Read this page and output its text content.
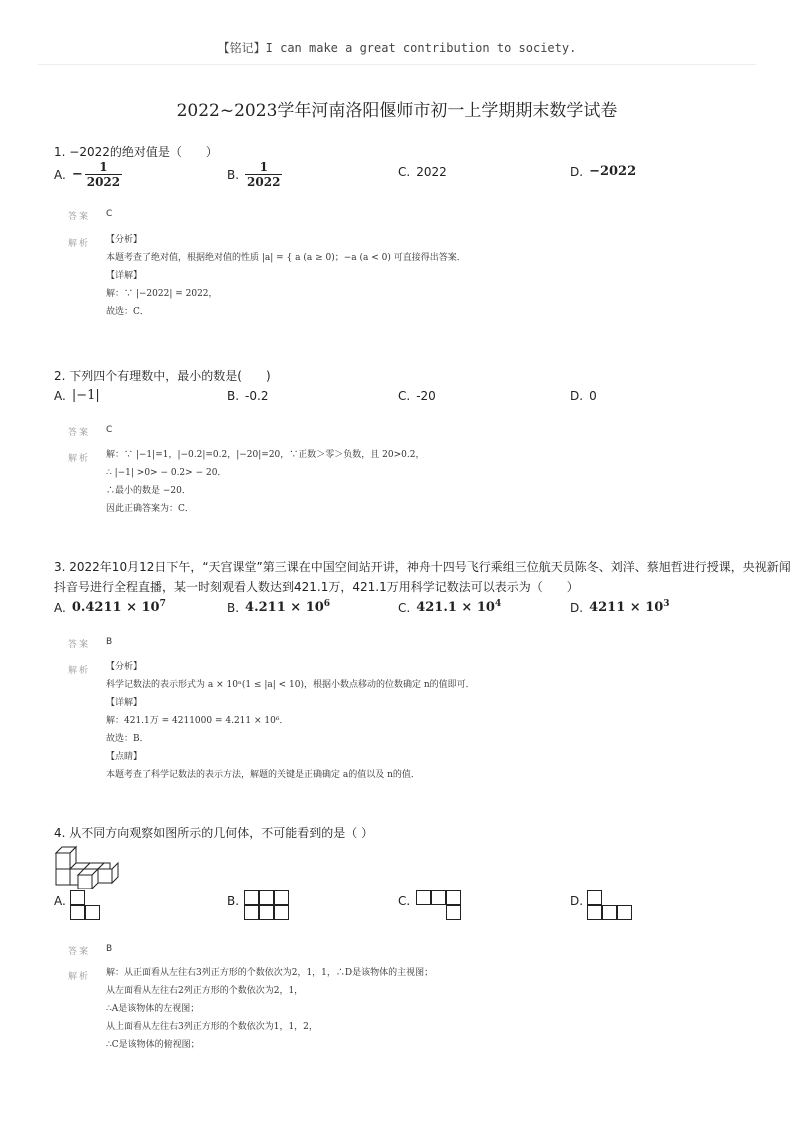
【铭记】I can make a great contribution to society.
2022~2023学年河南洛阳偃师市初一上学期期末数学试卷
1. −2022的绝对值是（　　）
A. − $\frac{1}{2022}$	B. $\frac{1}{2022}$	C. 2022	D. −2022
答案 C
解析 【分析】
本题考查了绝对值，根据绝对值的性质 |a| = { a (a ≥ 0)；−a (a < 0) 可直接得出答案．
【详解】
解：∵ |−2022| = 2022，
故选：C．
2. 下列四个有理数中，最小的数是(　　)
A. |−1|	B. -0.2	C. -20	D. 0
答案 C
解析 解：∵ |−1|=1，|−0.2|=0.2，|−20|=20，∵正数＞零＞负数，且 20>0.2，
∴ |−1| >0> − 0.2> − 20．
∴最小的数是 −20．
因此正确答案为：C．
3. 2022年10月12日下午，“天宫课堂”第三课在中国空间站开讲，神舟十四号飞行乘组三位航天员陈冬、刘洋、蔡旭哲进行授课，央视新闻
抖音号进行全程直播，某一时刻观看人数达到421.1万，421.1万用科学记数法可以表示为（　　）
A. $0.4211 \times 10^7$	B. $4.211 \times 10^6$	C. $421.1 \times 10^4$	D. $4211 \times 10^3$
答案 B
解析 【分析】
科学记数法的表示形式为 a × 10ⁿ(1 ≤ |a| < 10)，根据小数点移动的位数确定 n的值即可．
【详解】
解：421.1万 = 4211000 = 4.211 × 10⁶．
故选：B．
【点睛】
本题考查了科学记数法的表示方法，解题的关键是正确确定 a的值以及 n的值．
4. 从不同方向观察如图所示的几何体，不可能看到的是（ ）
A.	B.	C.	D.
答案 B
解析 解：从正面看从左往右3列正方形的个数依次为2，1，1，∴D是该物体的主视图；
从左面看从左往右2列正方形的个数依次为2，1，
∴A是该物体的左视图；
从上面看从左往右3列正方形的个数依次为1，1，2，
∴C是该物体的俯视图；
